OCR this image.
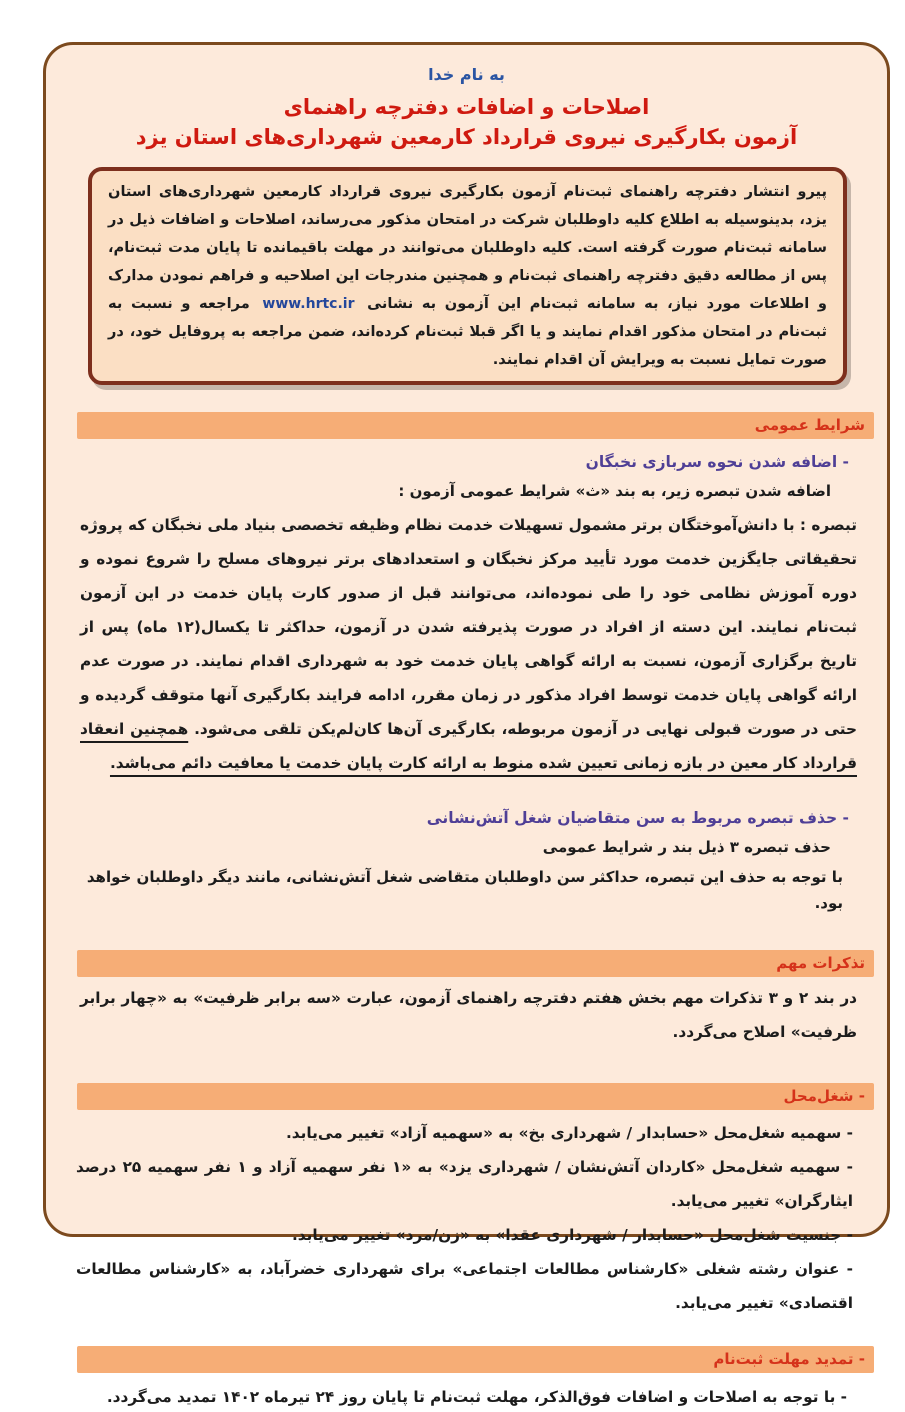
به نام خدا
اصلاحات و اضافات دفترچه راهنمای
آزمون بکارگیری نیروی قرارداد کارمعین شهرداری‌های استان یزد
پیرو انتشار دفترچه راهنمای ثبت‌نام آزمون بکارگیری نیروی قرارداد کارمعین شهرداری‌های استان یزد، بدینوسیله به اطلاع کلیه داوطلبان شرکت در امتحان مذکور می‌رساند، اصلاحات و اضافات ذیل در سامانه ثبت‌نام صورت گرفته است. کلیه داوطلبان می‌توانند در مهلت باقیمانده تا پایان مدت ثبت‌نام، پس از مطالعه دقیق دفترچه راهنمای ثبت‌نام و همچنین مندرجات این اصلاحیه و فراهم نمودن مدارک و اطلاعات مورد نیاز، به سامانه ثبت‌نام این آزمون به نشانی www.hrtc.ir مراجعه و نسبت به ثبت‌نام در امتحان مذکور اقدام نمایند و یا اگر قبلا ثبت‌نام کرده‌اند، ضمن مراجعه به پروفایل خود، در صورت تمایل نسبت به ویرایش آن اقدام نمایند.
شرایط عمومی
- اضافه شدن نحوه سربازی نخبگان
اضافه شدن تبصره زیر، به بند «ث» شرایط عمومی آزمون :
تبصره : با دانش‌آموختگان برتر مشمول تسهیلات خدمت نظام وظیفه تخصصی بنیاد ملی نخبگان که پروژه تحقیقاتی جایگزین خدمت مورد تأیید مرکز نخبگان و استعدادهای برتر نیروهای مسلح را شروع نموده و دوره آموزش نظامی خود را طی نموده‌اند، می‌توانند قبل از صدور کارت پایان خدمت در این آزمون ثبت‌نام نمایند. این دسته از افراد در صورت پذیرفته شدن در آزمون، حداکثر تا یکسال(۱۲ ماه) پس از تاریخ برگزاری آزمون، نسبت به ارائه گواهی پایان خدمت خود به شهرداری اقدام نمایند. در صورت عدم ارائه گواهی پایان خدمت توسط افراد مذکور در زمان مقرر، ادامه فرایند بکارگیری آنها متوقف گردیده و حتی در صورت قبولی نهایی در آزمون مربوطه، بکارگیری آن‌ها کان‌لم‌یکن تلقی می‌شود. همچنین انعقاد قرارداد کار معین در بازه زمانی تعیین شده منوط به ارائه کارت پایان خدمت یا معافیت دائم می‌باشد.
- حذف تبصره مربوط به سن متقاضیان شغل آتش‌نشانی
حذف تبصره ۳ ذیل بند ر شرایط عمومی
با توجه به حذف این تبصره، حداکثر سن داوطلبان متقاضی شغل آتش‌نشانی، مانند دیگر داوطلبان خواهد بود.
تذکرات مهم
در بند ۲ و ۳ تذکرات مهم بخش هفتم دفترچه راهنمای آزمون، عبارت «سه برابر ظرفیت» به «چهار برابر ظرفیت» اصلاح می‌گردد.
- شغل‌محل
- سهمیه شغل‌محل «حسابدار / شهرداری بخ» به «سهمیه آزاد» تغییر می‌یابد.
- سهمیه شغل‌محل «کاردان آتش‌نشان / شهرداری یزد» به «۱ نفر سهمیه آزاد و ۱ نفر سهمیه ۲۵ درصد ایثارگران» تغییر می‌یابد.
- جنسیت شغل‌محل «حسابدار / شهرداری عقدا» به «زن/مرد» تغییر می‌یابد.
- عنوان رشته شغلی «کارشناس مطالعات اجتماعی» برای شهرداری خضرآباد، به «کارشناس مطالعات اقتصادی» تغییر می‌یابد.
- تمدید مهلت ثبت‌نام
- با توجه به اصلاحات و اضافات فوق‌الذکر، مهلت ثبت‌نام تا پایان روز ۲۴ تیرماه ۱۴۰۲ تمدید می‌گردد.
